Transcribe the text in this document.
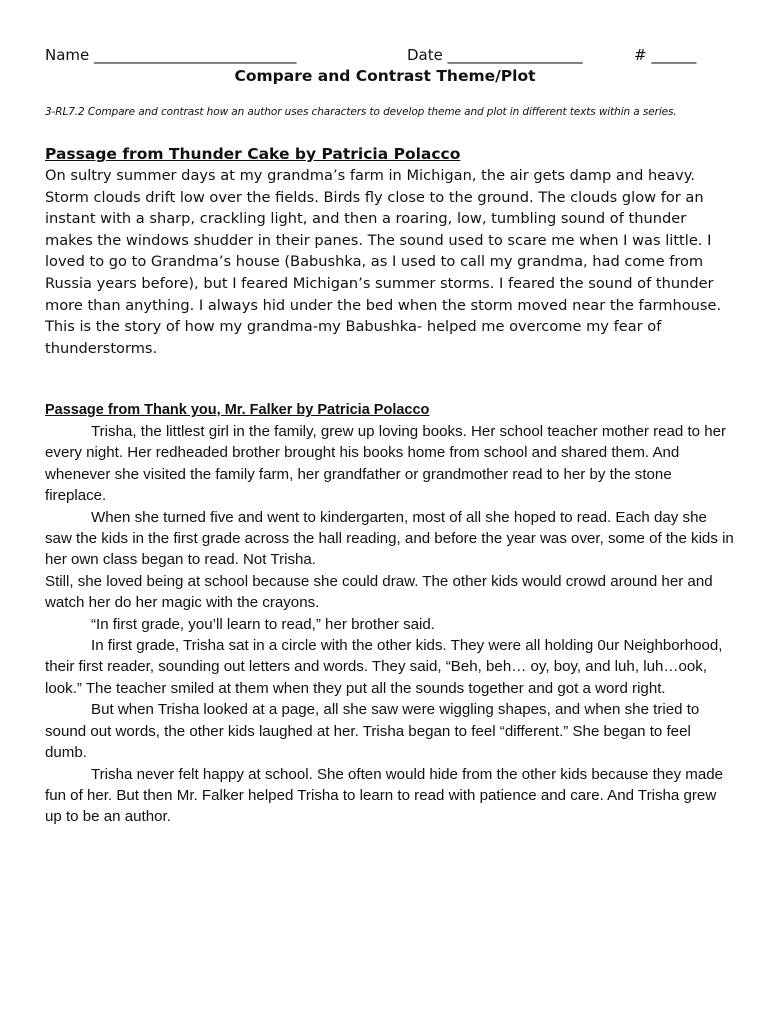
Name ___________________________	Date __________________	# ______
Compare and Contrast Theme/Plot
3-RL7.2 Compare and contrast how an author uses characters to develop theme and plot in different texts within a series.
Passage from Thunder Cake by Patricia Polacco

On sultry summer days at my grandma’s farm in Michigan, the air gets damp and heavy. Storm clouds drift low over the fields. Birds fly close to the ground. The clouds glow for an instant with a sharp, crackling light, and then a roaring, low, tumbling sound of thunder makes the windows shudder in their panes. The sound used to scare me when I was little. I loved to go to Grandma’s house (Babushka, as I used to call my grandma, had come from Russia years before), but I feared Michigan’s summer storms. I feared the sound of thunder more than anything. I always hid under the bed when the storm moved near the farmhouse. This is the story of how my grandma-my Babushka- helped me overcome my fear of thunderstorms.

Passage from Thank you, Mr. Falker by Patricia Polacco

Trisha, the littlest girl in the family, grew up loving books. Her school teacher mother read to her every night. Her redheaded brother brought his books home from school and shared them. And whenever she visited the family farm, her grandfather or grandmother read to her by the stone fireplace.

When she turned five and went to kindergarten, most of all she hoped to read. Each day she saw the kids in the first grade across the hall reading, and before the year was over, some of the kids in her own class began to read. Not Trisha.

Still, she loved being at school because she could draw. The other kids would crowd around her and watch her do her magic with the crayons.

“In first grade, you’ll learn to read,” her brother said.

In first grade, Trisha sat in a circle with the other kids. They were all holding 0ur Neighborhood, their first reader, sounding out letters and words. They said, “Beh, beh… oy, boy, and luh, luh…ook, look.” The teacher smiled at them when they put all the sounds together and got a word right.

But when Trisha looked at a page, all she saw were wiggling shapes, and when she tried to sound out words, the other kids laughed at her. Trisha began to feel “different.” She began to feel dumb.

Trisha never felt happy at school. She often would hide from the other kids because they made fun of her. But then Mr. Falker helped Trisha to learn to read with patience and care. And Trisha grew up to be an author.
